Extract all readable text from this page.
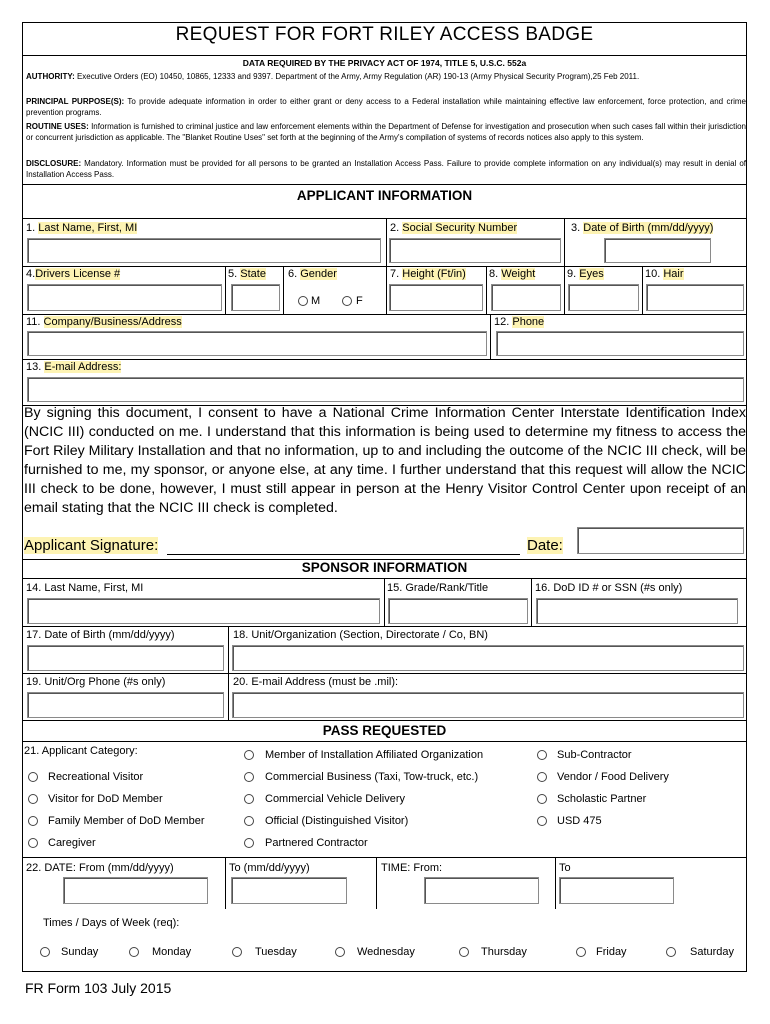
REQUEST FOR FORT RILEY ACCESS BADGE
DATA REQUIRED BY THE PRIVACY ACT OF 1974, TITLE 5, U.S.C. 552a
AUTHORITY: Executive Orders (EO) 10450, 10865, 12333 and 9397. Department of the Army, Army Regulation (AR) 190-13 (Army Physical Security Program),25 Feb 2011.
PRINCIPAL PURPOSE(S): To provide adequate information in order to either grant or deny access to a Federal installation while maintaining effective law enforcement, force protection, and crime prevention programs.
ROUTINE USES: Information is furnished to criminal justice and law enforcement elements within the Department of Defense for investigation and prosecution when such cases fall within their jurisdiction or concurrent jurisdiction as applicable. The "Blanket Routine Uses" set forth at the beginning of the Army's compilation of systems of records notices also apply to this system.
DISCLOSURE: Mandatory. Information must be provided for all persons to be granted an Installation Access Pass. Failure to provide complete information on any individual(s) may result in denial of Installation Access Pass.
APPLICANT INFORMATION
1. Last Name, First, MI	2. Social Security Number	3. Date of Birth (mm/dd/yyyy)
4.Drivers License #	5. State 6. Gender
M	F
7. Height (Ft/in) 8. Weight	9. Eyes	10. Hair
11. Company/Business/Address	12. Phone
13. E-mail Address:
By signing this document, I consent to have a National Crime Information Center Interstate Identification Index (NCIC III) conducted on me. I understand that this information is being used to determine my fitness to access the Fort Riley Military Installation and that no information, up to and including the outcome of the NCIC III check, will be furnished to me, my sponsor, or anyone else, at any time. I further understand that this request will allow the NCIC III check to be done, however, I must still appear in person at the Henry Visitor Control Center upon receipt of an email stating that the NCIC III check is completed.
Applicant Signature:	Date:
SPONSOR INFORMATION
14. Last Name, First, MI	15. Grade/Rank/Title	16. DoD ID # or SSN (#s only)
17. Date of Birth (mm/dd/yyyy)	18. Unit/Organization (Section, Directorate / Co, BN)
19. Unit/Org Phone (#s only)	20. E-mail Address (must be .mil):
PASS REQUESTED
21. Applicant Category:
Recreational Visitor
Visitor for DoD Member
Family Member of DoD Member
Caregiver
Member of Installation Affiliated Organization
Commercial Business (Taxi, Tow-truck, etc.)
Commercial Vehicle Delivery
Official (Distinguished Visitor)
Partnered Contractor
Sub-Contractor
Vendor / Food Delivery
Scholastic Partner
USD 475
22. DATE: From (mm/dd/yyyy)	To (mm/dd/yyyy)	TIME: From:	To
Times / Days of Week (req):
Sunday	Monday	Tuesday	Wednesday	Thursday	Friday	Saturday
FR Form 103 July 2015
